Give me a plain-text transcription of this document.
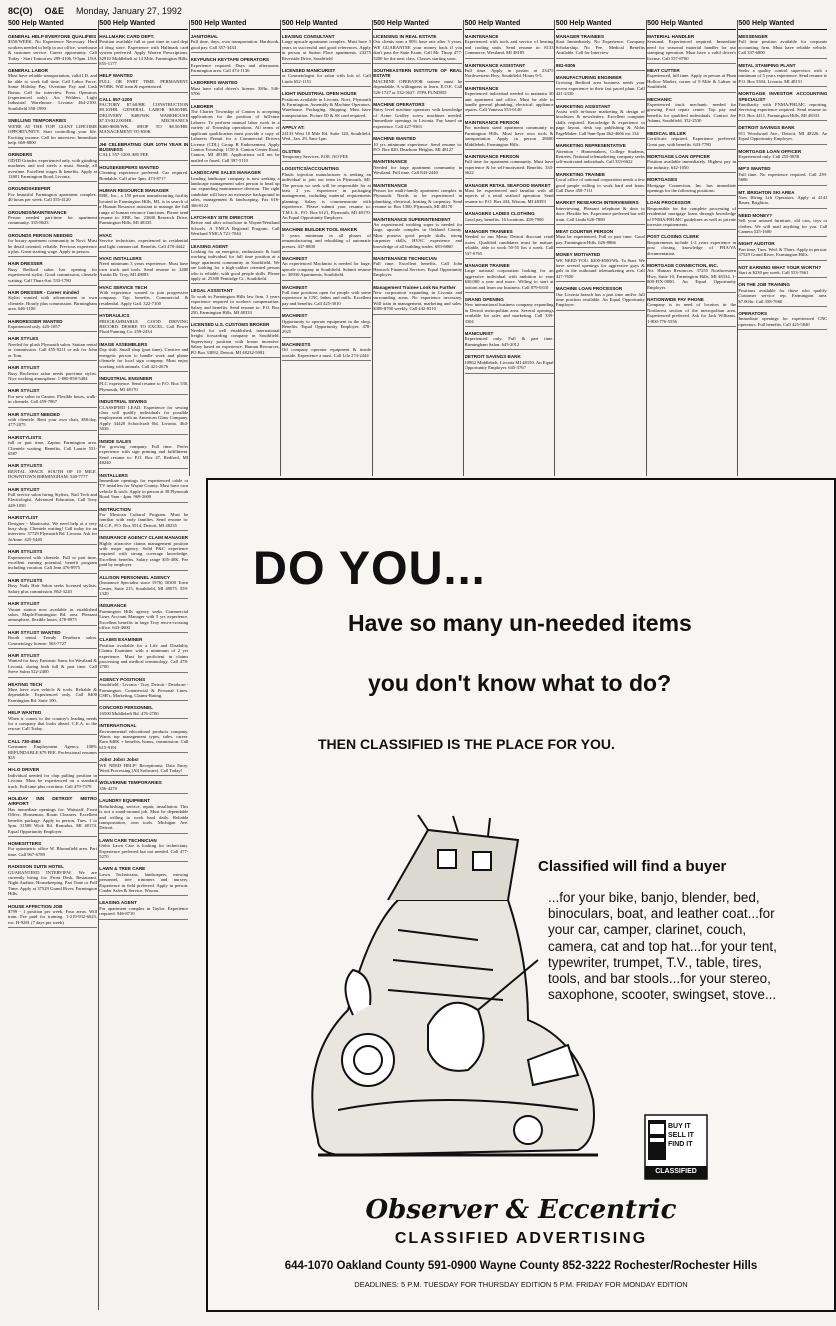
8C(O) O&E Monday, January 27, 1992
500 Help Wanted
GENERAL HELP EVERYONE QUALIFIES
$350/WEEK. No Experience Necessary. Hard workers needed to help in our office, warehouse & customer service. Career opportunity. Call Today - Start Tomorrow 299-4106, 9-5pm. USA
GENERAL LABOR
Must have reliable transportation, valid I.D. and be able to work full time. Call Labor Force. Some Holiday Pay, Overtime Pay and Cash Bonus. Call for interview. Press Operators (experienced only). Arc Welders. Light Industrial Warehouse. Livonia 464-2100. Southfield 358-1990
SNELLING TEMPORARIES
WE'RE AT THE TOP! GIANT LIFETIME OPPORTUNITY. Start controlling your life. Exciting income. Call for interview. Immediate help. 669-8800
GRINDERS
OD/ID Grinder, experienced only, with grinding machines and tool steels a must. Steady, all overtime. Excellent wages & benefits. Apply at 12601 Farmington Road, Livonia.
GROUNDSKEEPER
For beautiful Farmington apartment complex. 40 hours per week. Call 355-4120
GROUNDS/MAINTENANCE
Person needed part-time for apartment community. 335-8623
GROUNDS PERSON NEEDED
for luxury apartment community in Novi. Must be detail oriented, reliable. Previous experience a plus. Great starting wage. Apply in person.
HAIR DRESSER
Busy Redford salon has opening for experienced stylist. Good commission, clientele waiting. Call Thurs-Sat. 533-1780
HAIR DRESSER - Career minded
Stylist wanted with advancement to own clientele. Hourly plus commission. Birmingham area. 646-1100
HAIRDRESSER WANTED
Experienced only. 425-1057
HAIR STYLES
Needed for plush Plymouth salon. Station rental or commission. Call 455-9211 or ask for John or Tom.
HAIR STYLIST
Busy Rochester salon needs part-time stylist. Nice working atmosphere. 1-800-858-5484
HAIR STYLIST
For new salon in Canton. Flexible hours, walk-in clientele. Call 459-7867
HAIR STYLIST NEEDED
with clientele. Rent your own chair, $50/day. 477-2075
HAIRSTYLISTS
full or part time, Zapino Farmington area. Clientele waiting. Benefits. Call Laurie 531-6587
HAIR STYLISTS
RENTAL SPACE. SOUTH OF 10 MILE. DOWNTOWN BIRMINGHAM. 540-7777
HAIR STYLIST
Full service salon hiring Stylists, Nail Tech and Electrologist. Advanced Education. Call Tony 449-1050
HAIRSTYLIST
Designer - Manicurist. We need help at a very busy shop. Clientele waiting! Call today for an interview. 37729 Plymouth Rd. Livonia. Ask for JoAnne. 425-5440
HAIR STYLISTS
Experienced with clientele. Full or part time, excellent earning potential, benefit program including vacation. Call Jean 476-8975
HAIR STYLISTS
Busy Nails Hair Salon seeks licensed stylists. Salary plus commission. 862-3220
HAIR STYLIST
Vacant station now available in established salon. Maple/Farmington Rd. area. Pleasant atmosphere, flexible hours. 478-8975
HAIR STYLIST WANTED
Booth rental. Trendy Dearborn salon. Cosmetology license. 563-7727
HAIR STYLIST
Wanted for busy Fantastic Sams for Westland & Livonia, during both full & part time. Call Steve Salon 522-2400
HEATING TECH
Must have own vehicle & tools. Reliable & dependable. Experienced only. Call 8400 Farmington Rd. Suite 100.
HELP WANTED
When it comes to the country's leading needs for a company that looks ahead. C.E.A. to the rescue. Call Today.
CALL 730-4562
Consumer Employment Agency. 100% REFUNDABLE $79 FEE. Professional resumes $35
HI-LO DRIVER
Individual needed for chip pulling position in Livonia. Must be experienced on a standard truck. Full time plus overtime. Call 479-7379
HOLIDAY INN DETROIT METRO AIRPORT
Has immediate openings for: Waitstaff, Front Office, Houseman, Room Cleaners. Excellent benefits package. Apply in person, Tues. 1 to 5pm. 31500 Wick Rd. Romulus, MI 48174. Equal Opportunity Employer.
HOMESITTERS
For optometric office W. Bloomfield area. Part time. Call 967-6789
RADISSON SUITE HOTEL
GUARANTEED INTERVIEW. We are currently hiring for: Front Desk, Restaurant, Night Auditor, Housekeeping. Part Time or Full Time. Apply at 37529 Grand River, Farmington Hills.
HOUSE AFFECTION JOB
$799 - 1 position per week. Four areas. Will train. Fee paid for training. 1-219-932-6623, ext. H-9281 (7 days per week)
500 Help Wanted
HALLMARK CARD DEPT.
Position available full or part time in card dept of drug store. Experience with Hallmark card system preferred. Apply Warren Prescriptions, 32910 Middlebelt at 14 Mile, Farmington Hills. 855-1177
HELP WANTED
FULL OR PART TIME. PERMANENT WORK. Will train & experienced.
CALL 557-1200
FACTORY $7.60/HR. CONSTRUCTION $9.10/HR. GENERAL LABOR $8.00/HR. DELIVERY $400/WK. WAREHOUSE $7.33-$12.00/HR. MECHANICS $400-$800/WK. SHOP TO $8.50/HR. MANAGEMENT TO $50K
JHI CELEBRATING OUR 10TH YEAR IN BUSINESS
CALL 557-1200. $85 FEE
HOUSEKEEPERS WANTED
Cleaning experience preferred. Car required. Bondable. Call after 3pm. 473-8717
HUMAN RESOURCE MANAGER
EBE, Inc., a 150 person manufacturing facility located in Farmington Hills, MI, is in search of a Human Resource assistant to manage the full range of human resource functions. Please send resume to: EBE, Inc. 23840 Research Drive, Farmington Hills, MI 48335
HVAC
Service technician, experienced in residential and light commercial. Benefits. Call 478-4442
HVAC INSTALLERS
Need minimum 3 years experience. Must have own truck and tools. Send resume to: 2400 Austin Dr. Troy, MI 48083
HVAC SERVICE TECH
With experience wanted to join progressive company. Top benefits. Commercial & residential. Apply Gail. 322-7100
HYDRAULICS
PROGRAMMABLE. GOOD DRIVING RECORD. DESIRE TO EXCEL. Call Power Fluid Painting Co. 259-2434
IMAGE ASSEMBLERS
Day shift. Small shop (part time). Creative and energetic person to handle work and phone clientele for local sign company. Must enjoy working with animals. Call 421-2676
INDUSTRIAL ENGINEER
PLC experience. Send resume to P.O. Box 530, Plymouth, MI 48170
INDUSTRIAL SEWING
CLASSIFIED LEAD. Experience for sewing class will qualify individuals for possible employment with an American Glass Company. Apply 34420 Schoolcraft Rd, Livonia. 464-3636
INSIDE SALES
For growing company. Full time. Prefer experience with sign printing and fulfillment. Send resume to: P.O. Box 47, Redford, MI 48240
INSTALLERS
Immediate openings for experienced cable or TV installers for Wayne County. Must have own vehicle & tools. Apply in person at 38 Plymouth Road. 9am - 4pm. 968-2600
INSTRUCTION
For Mexican Cultural Program. Must be familiar with early families. Send resume to: M.C.P., P.O. Box 5914, Detroit, MI 48235
INSURANCE AGENCY CLAIM MANAGER
Highly attractive claims management position with major agency. Solid P&C experience required with strong coverage knowledge. Excellent benefits. Salary range $35-40K. Fee paid by employer.
ALLISON PERSONNEL AGENCY
(Insurance Specialist since 1976) 30300 Town Center, Suite 215, Southfield, MI 48075. 559-1320
INSURANCE
Farmington Hills agency seeks Commercial Lines Account Manager with 5 yrs experience. Excellent benefits in large Troy rent-a-crossing office. 643-4600
CLAIMS EXAMINER
Position available for a Life and Disability Claims Examiner with a minimum of 2 yrs experience. Must be proficient in claims processing and medical terminology. Call 478-2700
AGENCY POSITIONS
Southfield - Livonia - Troy. Detroit - Dearborn - Farmington. Commercial & Personal Lines. CSR's, Marketing, Claims-Rating.
CONCORD PERSONNEL
16500 Middlebelt Rd. 476-2700
INTERNATIONAL
Environmental educational products company. Wants top management types, sales, career. Earn $40K + benefits, bonus, commission. Call 615-9191
Jobs! Jobs! Jobs!
WE NEED HELP! Receptionist. Data Entry. Word Processing (All Software). Call Today!
WOLVERINE TEMPORARIES
356-4270
LAUNDRY EQUIPMENT
Refurbishing, service, repair, installation. This is not a stand-around job. Must be dependable and willing to work hard daily. Reliable transportation, own tools. Michigan Ave. Detroit.
LAWN CARE TECHNICIAN
Ortho Lawn Care is looking for technicians. Experience preferred but not needed. Call 477-5270
LAWN & TREE CARE
Lawn Technicians, landscapers, mowing personnel, tree trimmers and nursery. Experience in field preferred. Apply in person: Cinder Sales & Service, Wixom.
LEASING AGENT
For apartment complex in Taylor. Experience required. 946-8710
500 Help Wanted
JANITORIAL
Full time, days, own transportation. Hardwork, good pay. Call 357-3434
KEYPUNCH KEYTAPE OPERATORS
Experience required. Days and afternoons. Farmington area. Call 474-1136
LABORERS WANTED
Must have valid driver's license. 38/hr. 546-5706
LABORER
The Charter Township of Canton is accepting applications for the position of full-time Laborer. To perform manual labor work in a variety of Township operations. All terms of applicant qualification must provide a copy of Laborers Permit for a Commercial Drivers License (CDL) Group B Endorsement. Apply Canton Township, 1150 S. Canton Center Road, Canton, MI 48188. Applications will not be mailed or faxed. Call 397-5110
LANDSCAPE SALES MANAGER
Leading landscape company is now seeking a landscape management sales person to head up our expanding maintenance division. The right candidate will have an extensive background in sales, management & landscaping. Fax 616-366-0122
LATCH-KEY SITE DIRECTOR
Before and after schoolcare in Wayne/Westland Schools. A YMCA Regional Program. Call Westland YMCA 721-7044
LEASING AGENT
Looking for an energetic, enthusiastic & hard working individual for full time position at a large apartment community in Southfield. We are looking for a high-caliber oriented person who is reliable, with good people skills. Please apply at: 25300 Pentridge Ct., Southfield.
LEGAL ASSISTANT
To work in Farmington Hills law firm. 3 years experience required in workers compensation. Salary and benefits. Send resume to: P.O. Box 250, Farmington Hills, MI 48333
LICENSED U.S. CUSTOMS BROKER
Needed for well established, international freight forwarding company in Southfield. Supervisory position with bonus incentive. Salary based on experience. Human Resources, PO Box 33092, Detroit, MI 48232-5092
500 Help Wanted
LEASING CONSULTANT
Large upscale apartment complex. Must have 3 years in successful and good references. Apply in person at Sutton Place apartments. 23275 Riverside Drive, Southfield
LICENSED MANICURIST
or Cosmetologist for salon with lots of. Call Linda 652-1151
LIGHT INDUSTRIAL OPEN HOUSE
Positions available in Livonia, Novi, Plymouth & Farmington. Assembly & Machine Operators. Warehouse. Packaging. Shipping. Must have transportation. Picture ID & SS card required.
APPLY AT:
24133 West 10 Mile Rd. Suite 120, Southfield. Wed., Jan. 29, 9am-1pm
OLSTEN
Temporary Services. EOE. NO FEE
LOGISTICS/ACCOUNTING
Plastic injection manufacturer is seeking an individual to join our team in Plymouth, MI. The person we seek will be responsible for at least 2 yrs. experience in packaging management, including material requirements planning. Salary is commensurate with experience. Please submit your resume to: T.M.L.S., P.O. Box 6121, Plymouth, MI 48170. An Equal Opportunity Employer.
MACHINE BUILDER TOOL MAKER
5 years minimum in all phases of remanufacturing and rebuilding of automatic presses. 437-8800
MACHINIST
An experienced Machinist is needed for large, upscale company in Southfield. Submit resume to: 30930 Apartments, Southfield.
MACHINIST
Full time positions open for people with some experience in CNC lathes and mills. Excellent pay and benefits. Call 425-3010
MACHINIST
Opportunity to operate equipment in the shop. Benefits. Equal Opportunity Employer. 478-2925
MACHINISTS
Oil company operator equipment & inside outside. Experience a must. Call Lila 274-2444
500 Help Wanted
LICENSING IN REAL ESTATE
Our clients earn a 90% base rate after 3 years. WE GUARANTEE your money back if you don't pass the State Exam. Call Mr. Thorp 477-5200 for the next class. Classes starting soon.
SOUTHEASTERN INSTITUTE OF REAL ESTATE
MACHINE OPERATOR trainee must be dependable. A willingness to learn. E.O.E. Call 526-1727 or 532-5627. JTPA FUNDED
MACHINE OPERATORS
Entry level machine operators with knowledge of Acme Gridley screw machines needed. Immediate openings in Livonia. Pay based on experience. Call 427-9363
MACHINE WANTED
10 yrs minimum experience. Send resume to: P.O. Box 820, Dearborn Heights, MI 48127
MAINTENANCE
Needed for large apartment community in Westland. Full time. Call 843-2440
MAINTENANCE
Person for multi-family apartment complex in Plymouth. Needs to be experienced in plumbing, electrical, heating & carpentry. Send resume to: Box 1300, Plymouth, MI 48170
MAINTENANCE SUPERINTENDENT
An experienced working super is needed for large, upscale complex in Oakland County. Must possess good people skills, strong carpenter skills, HVAC experience and knowledge of all building trades. 683-6860
MAINTENANCE TECHNICIAN
Full time. Excellent benefits. Call John Hancock Financial Services. Equal Opportunity Employer.
Management Trainee Look No Further
New corporation expanding in Livonia and surrounding areas. No experience necessary. Will train in management, marketing and sales. $300-$700 weekly. Call 442-8310
500 Help Wanted
MAINTENANCE
Experienced with tools and service of heating and cooling units. Send resume to: 8133 Commerce, Westland, MI 48185
MAINTENANCE ASSISTANT
Full time. Apply in person at 23475 Northwestern Hwy, Southfield. Hours 9-5.
MAINTENANCE
Experienced individual needed to maintain 30 unit apartment and office. Must be able to handle general plumbing, electrical, appliance repairs. Call Vanessa 553-6140
MAINTENANCE PERSON
For medium sized apartment community in Farmington Hills. Must have own tools & transportation. Apply in person 28600 Middlebelt, Farmington Hills.
MAINTENANCE PERSON
Full time for apartment community. Must have experience & be self-motivated. Benefits. 333-6622
MANAGER RETAIL SEAFOOD MARKET
Must be experienced and familiar with all aspects of a retail seafood operation. Send resume to: P.O. Box 434, Wixom, MI 48393
MANAGERS LADIES CLOTHING
Good pay, benefits. 16 locations. 458-7900
MANAGER TRAINEES
Needed to run Metro Detroit discount retail stores. Qualified candidates must be mature, reliable, able to work 50-55 hrs a week. Call 537-0765
MANAGER TRAINEE
Large national corporation looking for an aggressive individual with ambition to earn $30,000 a year and more. Willing to start at bottom and learn our business. Call 879-0310
GRAND OPENING
New international business company expanding in Detroit metropolitan area. Several openings available for sales and marketing. Call 339-3304
MANICURIST
Experienced only. Full & part time. Birmingham Salon. 645-2012
DETROIT SAVINGS BANK
10862 Middlebelt, Livonia MI 48150. An Equal Opportunity Employer. 645-3767
500 Help Wanted
MANAGER TRAINEES
Start Immediately. No Experience. Company Scholarship. No Fee. Medical Benefits Available. Call for Interview
981-9305

MANUFACTURING ENGINEER
Growing Redford area business needs your recent experience in their fast paced plant. Call 421-2330
MARKETING ASSISTANT
Assist with in-house marketing & design of brochures & newsletters. Excellent computer skills required. Knowledge & experience in page layout, desk top publishing & Aldus PageMaker. Call 9am-5pm 462-4666 ext 134
MARKETING REPRESENTATIVE
Attention - Homemakers, College Students, Retirees. National telemarketing company seeks self-motivated individuals. Call 333-6622
MARKETING TRAINEE
Local office of national corporation needs a few good people willing to work hard and learn. Call Dave 458-7111
MARKET RESEARCH INTERVIEWERS
Interviewing. Pleasant telephone & door to door. Flexible hrs. Experience preferred but will train. Call Linda 626-7880
MEAT COUNTER PERSON
Must be experienced. Full or part time. Good pay. Farmington Hills. 626-8866
MONEY MOTIVATED
WE NEED YOU. $200-$500/Wk. To Start. We have several openings for aggressive guys & gals in the outbound telemarketing area. Call 427-7650
MACHINE LOAN PROCESSOR
Our Livonia branch has a part time and/or full time position available. An Equal Opportunity Employer.
500 Help Wanted
MATERIAL HANDLER
Seasonal, Experienced required. Immediate need for seasonal material handler for our stamping operation. Must have a valid driver's license. Call 557-8700
MEAT CUTTER
Experienced, full time. Apply in person at Plum Hollow Market, corner of 9 Mile & Lahser in Southfield.
MECHANIC
Experienced truck mechanic needed for growing Ford repair center. Top pay and benefits for qualified individuals. Contact Joe Adams, Southfield. 352-2530
MEDICAL BILLER
Certificate required. Experience preferred. Great pay, with benefits. 643-7780
MORTGAGE LOAN OFFICER
Position available immediately. Highest pay in the industry. 642-1050
MORTGAGES
Mortgage Connection, Inc. has immediate openings for the following positions:
LOAN PROCESSOR
Responsible for the complete processing of residential mortgage loans through knowledge of FNMA/FHLMC guidelines as well as private investor requirements.
POST CLOSING CLERK
Requirements include 1-2 years experience in post closing, knowledge of FHA/VA documentation.
MORTGAGE CONNECTION, INC.
Att: Human Resources. 37255 Northwestern Hwy, Suite 10, Farmington Hills, MI 48334. 1-800-FIX-0000. An Equal Opportunity Employer.
NATIONWIDE PAY PHONE
Company is in need of locators in the Northwest section of the metropolitan area. Experienced preferred. Ask for Jack Williams. 1-800-776-5556
500 Help Wanted
MESSENGER
Full time position available for corporate accounting firm. Must have reliable vehicle. Call 337-6800
METAL STAMPING PLANT
Seeks a quality control supervisor with a minimum of 5 years experience. Send resume to P.O. Box 5304, Livonia, MI 48151
MORTGAGE INVESTOR ACCOUNTING SPECIALIST
Familiarity with FNMA/FHLMC reporting. Servicing experience required. Send resume to: P.O. Box 4411, Farmington Hills, MI 48333
DETROIT SAVINGS BANK
811 Woodward Ave., Detroit, MI 48226. An Equal Opportunity Employer.
MORTGAGE LOAN OFFICER
Experienced only. Call 255-5858
MP'S WANTED
Full time. No experience required. Call 259-5606
MT. BRIGHTON SKI AREA
Now Hiring Lift Operators. Apply at 4141 Bauer, Brighton.
NEED MONEY?
Sell your unused furniture, old cars, toys or clothes. We will mail anything for you. Call Camera 525-1600
NIGHT AUDITOR
Part time, Tues. Wed. & Thurs. Apply in person: 37529 Grand River, Farmington Hills.
NOT EARNING WHAT YOUR WORTH?
Start at $230 per week. Call 553-7661
ON THE JOB TRAINING
Positions available for those who qualify. Customer service rep. Farmington area. $7.00/hr. Call 358-7660
OPERATORS
Immediate openings for experienced CNC operators. Full benefits. Call 425-5840
DO YOU...
Have so many un-needed items
you don't know what to do?
THEN CLASSIFIED IS THE PLACE FOR YOU.
Classified will find a buyer
...for your bike, banjo, blender, bed, binoculars, boat, and leather coat...for your car, camper, clarinet, couch, camera, cat and top hat...for your tent, typewriter, trumpet, T.V., table, tires, tools, and bar stools...for your stereo, saxophone, scooter, swingset, stove...
BUY IT SELL IT FIND IT
CLASSIFIED
Observer & Eccentric
CLASSIFIED ADVERTISING
644-1070 Oakland County 591-0900 Wayne County 852-3222 Rochester/Rochester Hills
DEADLINES: 5 P.M. TUESDAY FOR THURSDAY EDITION 5 P.M. FRIDAY FOR MONDAY EDITION
